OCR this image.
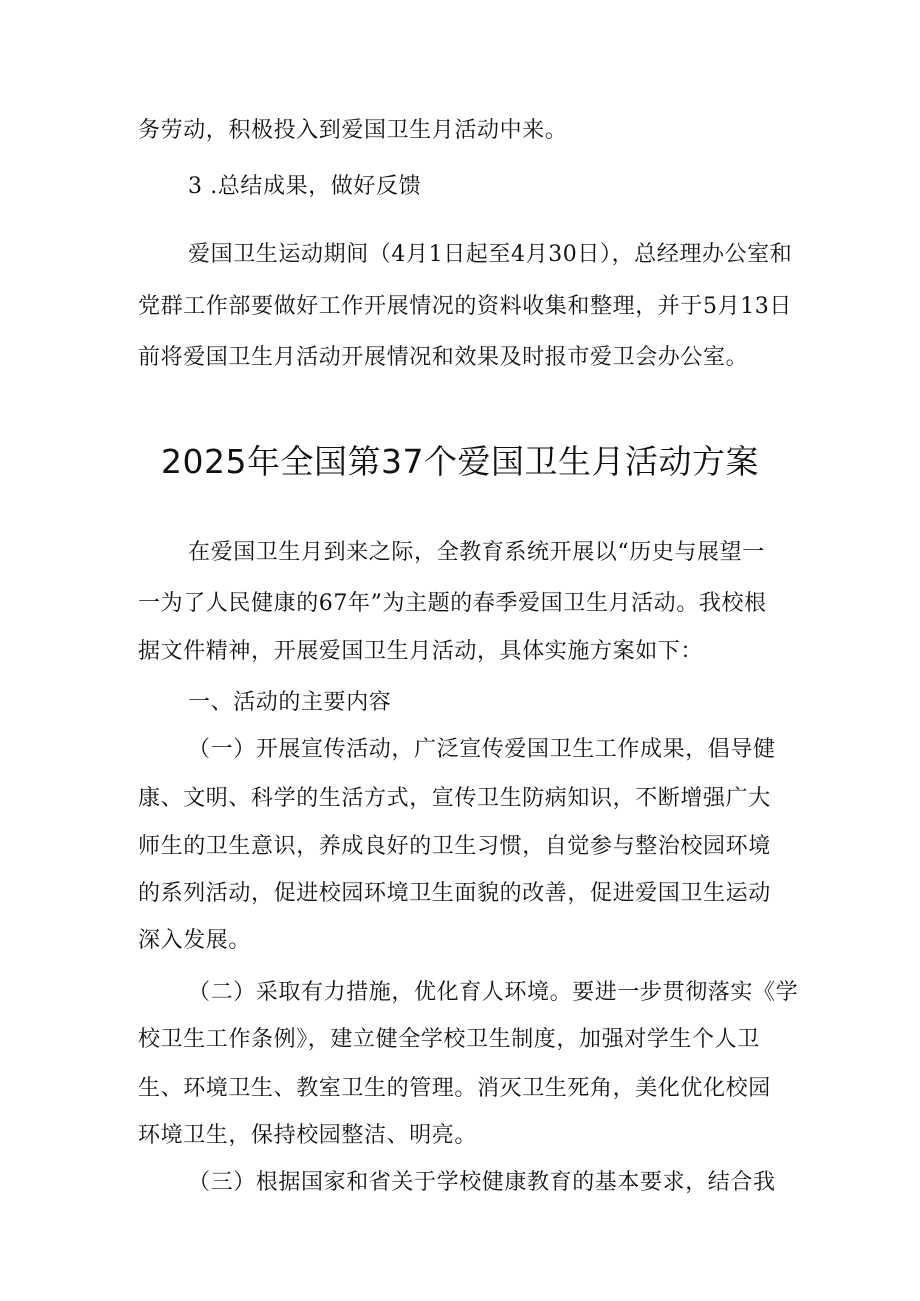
务劳动，积极投入到爱国卫生月活动中来。
3 .总结成果，做好反馈
爱国卫生运动期间（4月1日起至4月30日），总经理办公室和
党群工作部要做好工作开展情况的资料收集和整理，并于5月13日
前将爱国卫生月活动开展情况和效果及时报市爱卫会办公室。
2025年全国第37个爱国卫生月活动方案
在爱国卫生月到来之际，全教育系统开展以“历史与展望一
一为了人民健康的67年”为主题的春季爱国卫生月活动。我校根
据文件精神，开展爱国卫生月活动，具体实施方案如下：
一、活动的主要内容
（一）开展宣传活动，广泛宣传爱国卫生工作成果，倡导健
康、文明、科学的生活方式，宣传卫生防病知识，不断增强广大
师生的卫生意识，养成良好的卫生习惯，自觉参与整治校园环境
的系列活动，促进校园环境卫生面貌的改善，促进爱国卫生运动
深入发展。
（二）采取有力措施，优化育人环境。要进一步贯彻落实《学
校卫生工作条例》，建立健全学校卫生制度，加强对学生个人卫
生、环境卫生、教室卫生的管理。消灭卫生死角，美化优化校园
环境卫生，保持校园整洁、明亮。
（三）根据国家和省关于学校健康教育的基本要求，结合我
